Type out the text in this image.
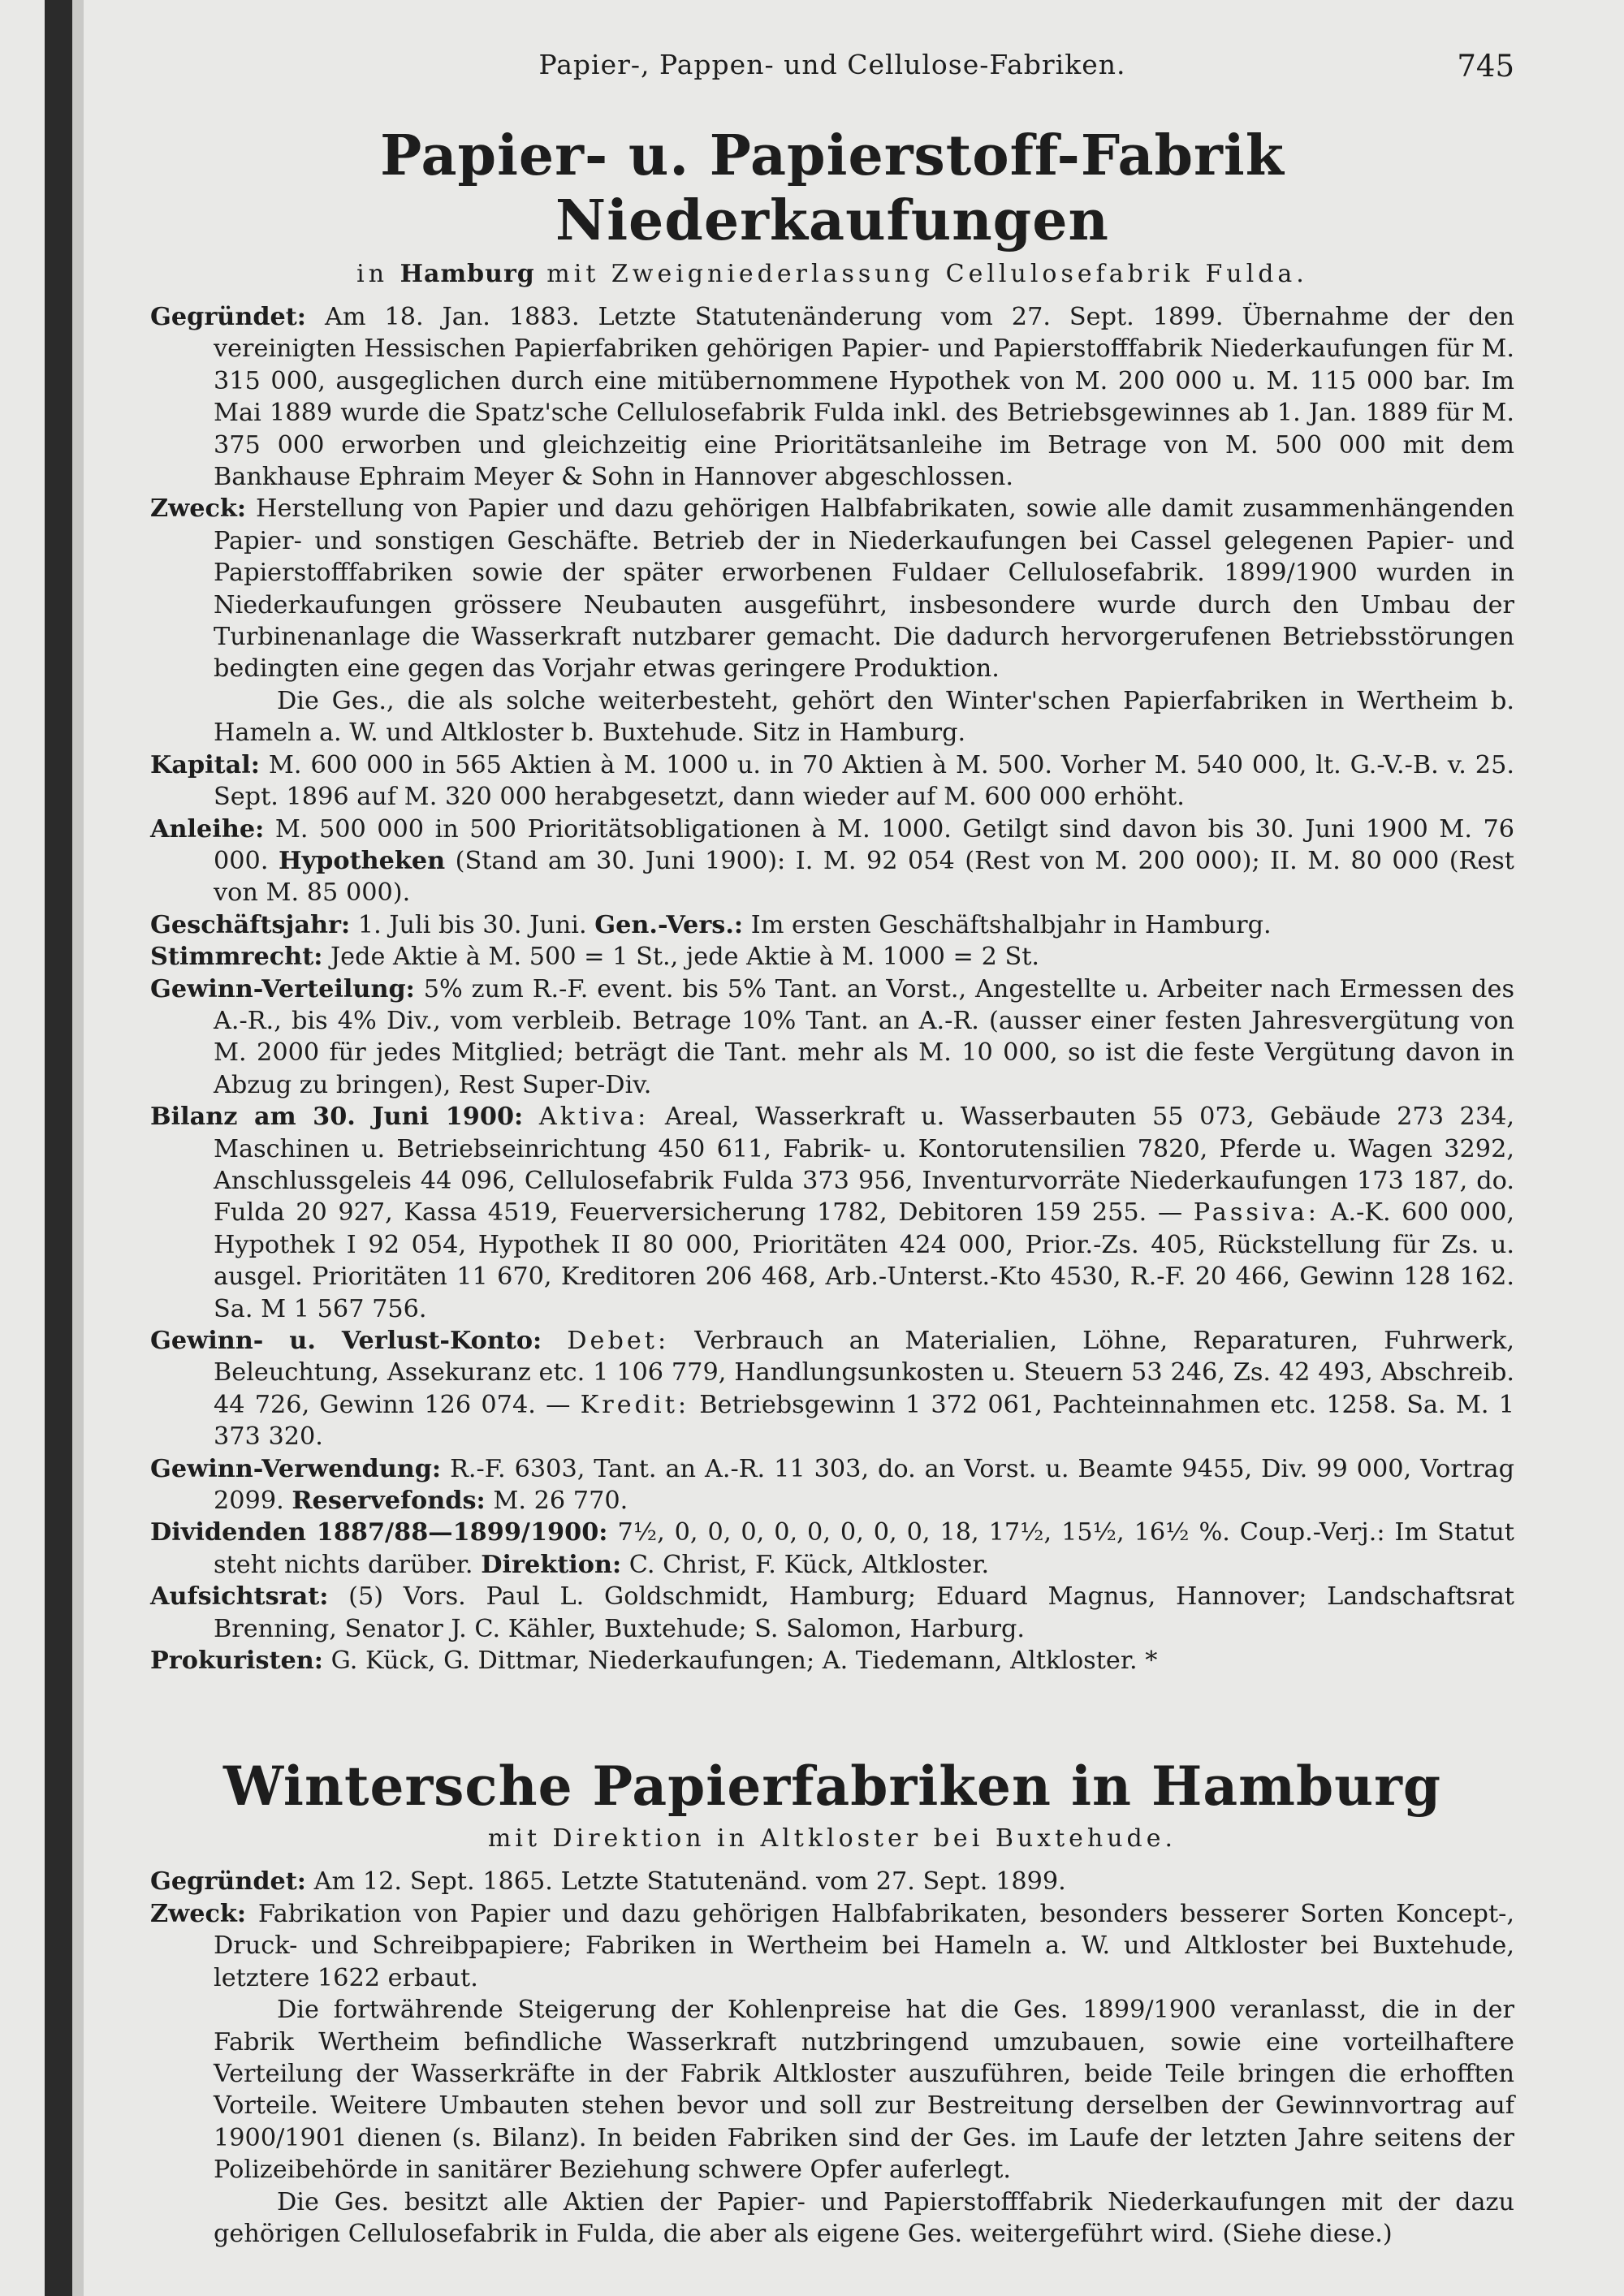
Papier-, Pappen- und Cellulose-Fabriken.	745
Papier- u. Papierstoff-Fabrik Niederkaufungen
in Hamburg mit Zweigniederlassung Cellulosefabrik Fulda.

Gegründet: Am 18. Jan. 1883. Letzte Statutenänderung vom 27. Sept. 1899. Übernahme der den vereinigten Hessischen Papierfabriken gehörigen Papier- und Papierstofffabrik Niederkaufungen für M. 315 000, ausgeglichen durch eine mitübernommene Hypothek von M. 200 000 u. M. 115 000 bar. Im Mai 1889 wurde die Spatz'sche Cellulosefabrik Fulda inkl. des Betriebsgewinnes ab 1. Jan. 1889 für M. 375 000 erworben und gleichzeitig eine Prioritätsanleihe im Betrage von M. 500 000 mit dem Bankhause Ephraim Meyer & Sohn in Hannover abgeschlossen.

Zweck: Herstellung von Papier und dazu gehörigen Halbfabrikaten, sowie alle damit zusammenhängenden Papier- und sonstigen Geschäfte. Betrieb der in Niederkaufungen bei Cassel gelegenen Papier- und Papierstofffabriken sowie der später erworbenen Fuldaer Cellulosefabrik. 1899/1900 wurden in Niederkaufungen grössere Neubauten ausgeführt, insbesondere wurde durch den Umbau der Turbinenanlage die Wasserkraft nutzbarer gemacht. Die dadurch hervorgerufenen Betriebsstörungen bedingten eine gegen das Vorjahr etwas geringere Produktion.

Die Ges., die als solche weiterbesteht, gehört den Winter'schen Papierfabriken in Wertheim b. Hameln a. W. und Altkloster b. Buxtehude. Sitz in Hamburg.

Kapital: M. 600 000 in 565 Aktien à M. 1000 u. in 70 Aktien à M. 500. Vorher M. 540 000, lt. G.-V.-B. v. 25. Sept. 1896 auf M. 320 000 herabgesetzt, dann wieder auf M. 600 000 erhöht.

Anleihe: M. 500 000 in 500 Prioritätsobligationen à M. 1000. Getilgt sind davon bis 30. Juni 1900 M. 76 000. Hypotheken (Stand am 30. Juni 1900): I. M. 92 054 (Rest von M. 200 000); II. M. 80 000 (Rest von M. 85 000).

Geschäftsjahr: 1. Juli bis 30. Juni. Gen.-Vers.: Im ersten Geschäftshalbjahr in Hamburg.

Stimmrecht: Jede Aktie à M. 500 = 1 St., jede Aktie à M. 1000 = 2 St.

Gewinn-Verteilung: 5% zum R.-F. event. bis 5% Tant. an Vorst., Angestellte u. Arbeiter nach Ermessen des A.-R., bis 4% Div., vom verbleib. Betrage 10% Tant. an A.-R. (ausser einer festen Jahresvergütung von M. 2000 für jedes Mitglied; beträgt die Tant. mehr als M. 10 000, so ist die feste Vergütung davon in Abzug zu bringen), Rest Super-Div.

Bilanz am 30. Juni 1900: Aktiva: Areal, Wasserkraft u. Wasserbauten 55 073, Gebäude 273 234, Maschinen u. Betriebseinrichtung 450 611, Fabrik- u. Kontorutensilien 7820, Pferde u. Wagen 3292, Anschlussgeleis 44 096, Cellulosefabrik Fulda 373 956, Inventurvorräte Niederkaufungen 173 187, do. Fulda 20 927, Kassa 4519, Feuerversicherung 1782, Debitoren 159 255. — Passiva: A.-K. 600 000, Hypothek I 92 054, Hypothek II 80 000, Prioritäten 424 000, Prior.-Zs. 405, Rückstellung für Zs. u. ausgel. Prioritäten 11 670, Kreditoren 206 468, Arb.-Unterst.-Kto 4530, R.-F. 20 466, Gewinn 128 162. Sa. M 1 567 756.

Gewinn- u. Verlust-Konto: Debet: Verbrauch an Materialien, Löhne, Reparaturen, Fuhrwerk, Beleuchtung, Assekuranz etc. 1 106 779, Handlungsunkosten u. Steuern 53 246, Zs. 42 493, Abschreib. 44 726, Gewinn 126 074. — Kredit: Betriebsgewinn 1 372 061, Pachteinnahmen etc. 1258. Sa. M. 1 373 320.

Gewinn-Verwendung: R.-F. 6303, Tant. an A.-R. 11 303, do. an Vorst. u. Beamte 9455, Div. 99 000, Vortrag 2099. Reservefonds: M. 26 770.

Dividenden 1887/88—1899/1900: 7½, 0, 0, 0, 0, 0, 0, 0, 0, 18, 17½, 15½, 16½ %. Coup.-Verj.: Im Statut steht nichts darüber. Direktion: C. Christ, F. Kück, Altkloster.

Aufsichtsrat: (5) Vors. Paul L. Goldschmidt, Hamburg; Eduard Magnus, Hannover; Landschaftsrat Brenning, Senator J. C. Kähler, Buxtehude; S. Salomon, Harburg.

Prokuristen: G. Kück, G. Dittmar, Niederkaufungen; A. Tiedemann, Altkloster. *

Wintersche Papierfabriken in Hamburg
mit Direktion in Altkloster bei Buxtehude.

Gegründet: Am 12. Sept. 1865. Letzte Statutenänd. vom 27. Sept. 1899.

Zweck: Fabrikation von Papier und dazu gehörigen Halbfabrikaten, besonders besserer Sorten Koncept-, Druck- und Schreibpapiere; Fabriken in Wertheim bei Hameln a. W. und Altkloster bei Buxtehude, letztere 1622 erbaut.

Die fortwährende Steigerung der Kohlenpreise hat die Ges. 1899/1900 veranlasst, die in der Fabrik Wertheim befindliche Wasserkraft nutzbringend umzubauen, sowie eine vorteilhaftere Verteilung der Wasserkräfte in der Fabrik Altkloster auszuführen, beide Teile bringen die erhofften Vorteile. Weitere Umbauten stehen bevor und soll zur Bestreitung derselben der Gewinnvortrag auf 1900/1901 dienen (s. Bilanz). In beiden Fabriken sind der Ges. im Laufe der letzten Jahre seitens der Polizeibehörde in sanitärer Beziehung schwere Opfer auferlegt.

Die Ges. besitzt alle Aktien der Papier- und Papierstofffabrik Niederkaufungen mit der dazu gehörigen Cellulosefabrik in Fulda, die aber als eigene Ges. weitergeführt wird. (Siehe diese.)
